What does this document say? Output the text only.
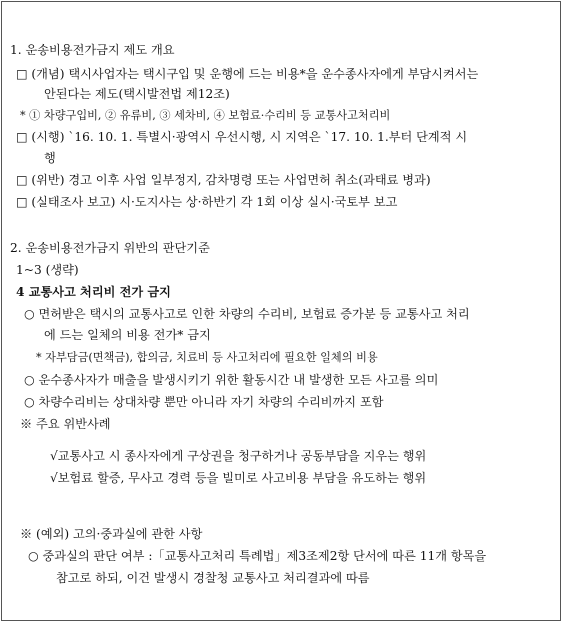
1. 운송비용전가금지 제도 개요
□ (개념) 택시사업자는 택시구입 및 운행에 드는 비용*을 운수종사자에게 부담시켜서는
안된다는 제도(택시발전법 제12조)
* ① 차량구입비, ② 유류비, ③ 세차비, ④ 보험료·수리비 등 교통사고처리비
□ (시행) `16. 10. 1. 특별시·광역시 우선시행, 시 지역은 `17. 10. 1.부터 단계적 시
행
□ (위반) 경고 이후 사업 일부정지, 감차명령 또는 사업면허 취소(과태료 병과)
□ (실태조사 보고) 시·도지사는 상·하반기 각 1회 이상 실시·국토부 보고
2. 운송비용전가금지 위반의 판단기준
1~3 (생략)
4 교통사고 처리비 전가 금지
○ 면허받은 택시의 교통사고로 인한 차량의 수리비, 보험료 증가분 등 교통사고 처리
에 드는 일체의 비용 전가* 금지
* 자부담금(면책금), 합의금, 치료비 등 사고처리에 필요한 일체의 비용
○ 운수종사자가 매출을 발생시키기 위한 활동시간 내 발생한 모든 사고를 의미
○ 차량수리비는 상대차량 뿐만 아니라 자기 차량의 수리비까지 포함
※ 주요 위반사례
√교통사고 시 종사자에게 구상권을 청구하거나 공동부담을 지우는 행위
√보험료 할증, 무사고 경력 등을 빌미로 사고비용 부담을 유도하는 행위
※ (예외) 고의·중과실에 관한 사항
○ 중과실의 판단 여부 :「교통사고처리 특례법」제3조제2항 단서에 따른 11개 항목을
참고로 하되, 이건 발생시 경찰청 교통사고 처리결과에 따름
